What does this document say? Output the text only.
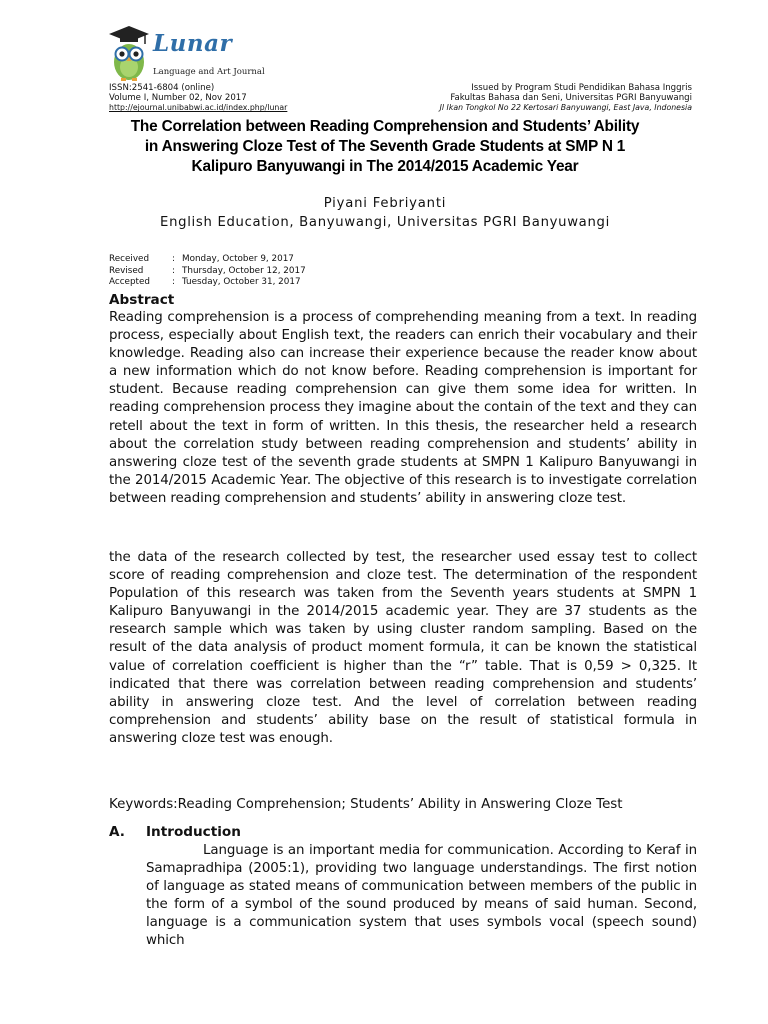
Lunar
Language and Art Journal
ISSN:2541-6804 (online)
Volume I, Number 02, Nov 2017
http://ejournal.unibabwi.ac.id/index.php/lunar
Issued by Program Studi Pendidikan Bahasa Inggris
Fakultas Bahasa dan Seni, Universitas PGRI Banyuwangi
Jl Ikan Tongkol No 22 Kertosari Banyuwangi, East Java, Indonesia
The Correlation between Reading Comprehension and Students’ Ability
in Answering Cloze Test of The Seventh Grade Students at SMP N 1
Kalipuro Banyuwangi in The 2014/2015 Academic Year
Piyani Febriyanti
English Education, Banyuwangi, Universitas PGRI Banyuwangi
Received	: Monday, October 9, 2017
Revised	: Thursday, October 12, 2017
Accepted	: Tuesday, October 31, 2017
Abstract
Reading comprehension is a process of comprehending meaning from a text. In reading process, especially about English text, the readers can enrich their vocabulary and their knowledge. Reading also can increase their experience because the reader know about a new information which do not know before. Reading comprehension is important for student. Because reading comprehension can give them some idea for written. In reading comprehension process they imagine about the contain of the text and they can retell about the text in form of written. In this thesis, the researcher held a research about the correlation study between reading comprehension and students’ ability in answering cloze test of the seventh grade students at SMPN 1 Kalipuro Banyuwangi in the 2014/2015 Academic Year. The objective of this research is to investigate correlation between reading comprehension and students’ ability in answering cloze test.
the data of the research collected by test, the researcher used essay test to collect score of reading comprehension and cloze test. The determination of the respondent Population of this research was taken from the Seventh years students at SMPN 1 Kalipuro Banyuwangi in the 2014/2015 academic year. They are 37 students as the research sample which was taken by using cluster random sampling. Based on the result of the data analysis of product moment formula, it can be known the statistical value of correlation coefficient is higher than the “r” table. That is 0,59 > 0,325. It indicated that there was correlation between reading comprehension and students’ ability in answering cloze test. And the level of correlation between reading comprehension and students’ ability base on the result of statistical formula in answering cloze test was enough.
Keywords:Reading Comprehension; Students’ Ability in Answering Cloze Test
A. Introduction
Language is an important media for communication. According to Keraf in Samapradhipa (2005:1), providing two language understandings. The first notion of language as stated means of communication between members of the public in the form of a symbol of the sound produced by means of said human. Second, language is a communication system that uses symbols vocal (speech sound) which
